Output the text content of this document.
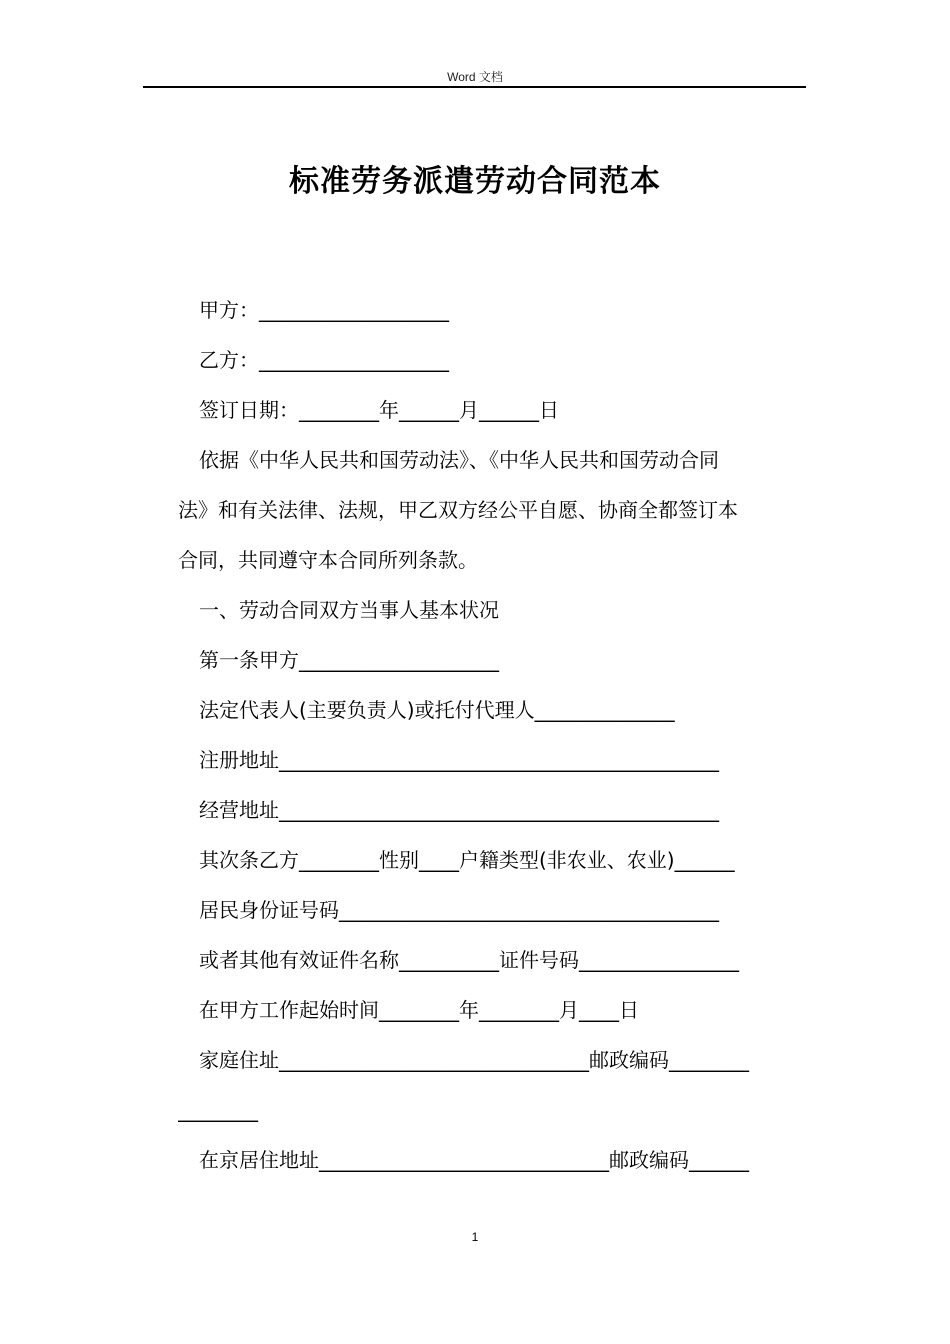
Word 文档
标准劳务派遣劳动合同范本
甲方：___________________
乙方：___________________
签订日期：________年______月______日
依据《中华人民共和国劳动法》、《中华人民共和国劳动合同
法》和有关法律、法规，甲乙双方经公平自愿、协商全都签订本
合同，共同遵守本合同所列条款。
一、劳动合同双方当事人基本状况
第一条甲方____________________
法定代表人(主要负责人)或托付代理人______________
注册地址____________________________________________
经营地址____________________________________________
其次条乙方________性别____户籍类型(非农业、农业)______
居民身份证号码______________________________________
或者其他有效证件名称__________证件号码________________
在甲方工作起始时间________年________月____日
家庭住址_______________________________邮政编码________
________
在京居住地址_____________________________邮政编码______
1
